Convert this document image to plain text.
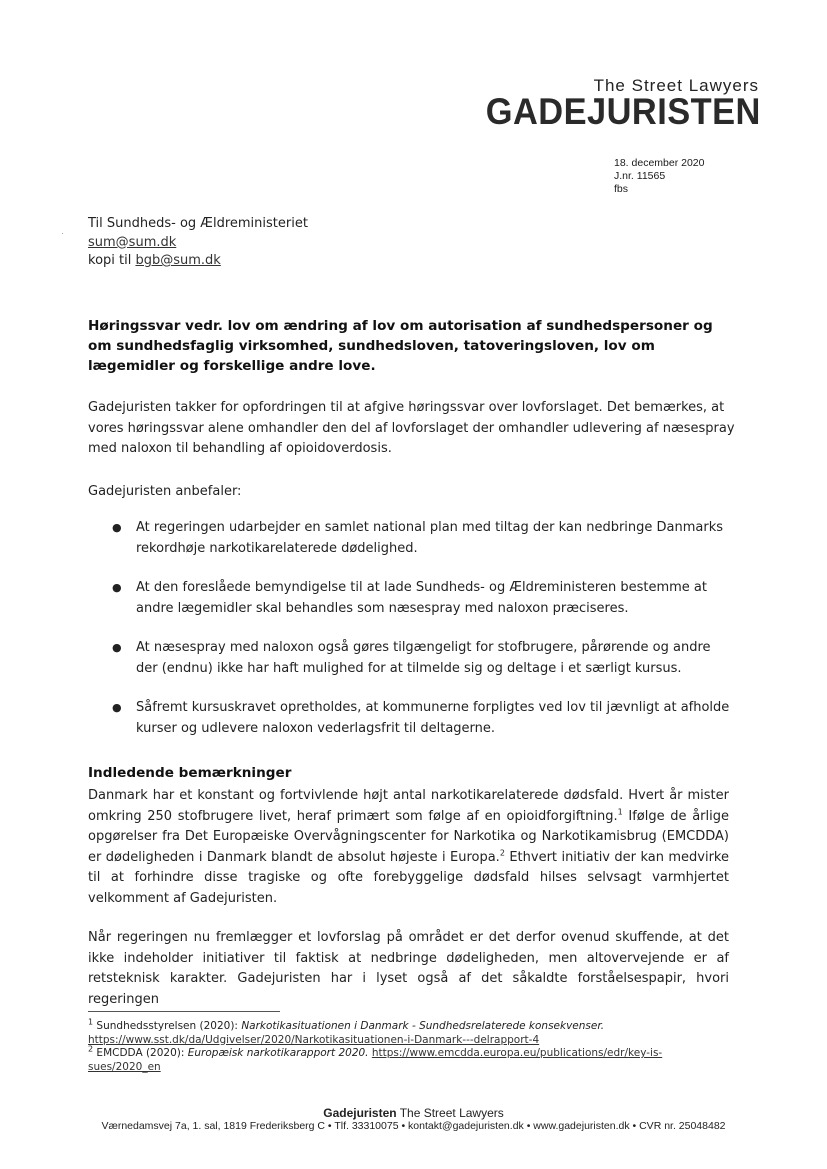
The Street Lawyers
GADEJURISTEN
18. december 2020
J.nr. 11565
fbs
Til Sundheds- og Ældreministeriet
sum@sum.dk
kopi til bgb@sum.dk
Høringssvar vedr. lov om ændring af lov om autorisation af sundhedspersoner og om sundhedsfaglig virksomhed, sundhedsloven, tatoveringsloven, lov om lægemidler og forskellige andre love.
Gadejuristen takker for opfordringen til at afgive høringssvar over lovforslaget. Det bemærkes, at vores høringssvar alene omhandler den del af lovforslaget der omhandler udlevering af næsespray med naloxon til behandling af opioidoverdosis.
Gadejuristen anbefaler:
● At regeringen udarbejder en samlet national plan med tiltag der kan nedbringe Danmarks rekordhøje narkotikarelaterede dødelighed.
● At den foreslåede bemyndigelse til at lade Sundheds- og Ældreministeren bestemme at andre lægemidler skal behandles som næsespray med naloxon præciseres.
● At næsespray med naloxon også gøres tilgængeligt for stofbrugere, pårørende og andre der (endnu) ikke har haft mulighed for at tilmelde sig og deltage i et særligt kursus.
● Såfremt kursuskravet opretholdes, at kommunerne forpligtes ved lov til jævnligt at afholde kurser og udlevere naloxon vederlagsfrit til deltagerne.
Indledende bemærkninger
Danmark har et konstant og fortvivlende højt antal narkotikarelaterede dødsfald. Hvert år mister omkring 250 stofbrugere livet, heraf primært som følge af en opioidforgiftning.$^1$ Ifølge de årlige opgørelser fra Det Europæiske Overvågningscenter for Narkotika og Narkotikamisbrug (EMCDDA) er dødeligheden i Danmark blandt de absolut højeste i Europa.$^2$ Ethvert initiativ der kan medvirke til at forhindre disse tragiske og ofte forebyggelige dødsfald hilses selvsagt varmhjertet velkomment af Gadejuristen.
Når regeringen nu fremlægger et lovforslag på området er det derfor ovenud skuffende, at det ikke indeholder initiativer til faktisk at nedbringe dødeligheden, men altovervejende er af retsteknisk karakter. Gadejuristen har i lyset også af det såkaldte forståelsespapir, hvori regeringen
$^1$ Sundhedsstyrelsen (2020): Narkotikasituationen i Danmark - Sundhedsrelaterede konsekvenser.
https://www.sst.dk/da/Udgivelser/2020/Narkotikasituationen-i-Danmark---delrapport-4
$^2$ EMCDDA (2020): Europæisk narkotikarapport 2020. https://www.emcdda.europa.eu/publications/edr/key-is-
sues/2020_en
Gadejuristen The Street Lawyers
Værnedamsvej 7a, 1. sal, 1819 Frederiksberg C • Tlf. 33310075 • kontakt@gadejuristen.dk • www.gadejuristen.dk • CVR nr. 25048482
